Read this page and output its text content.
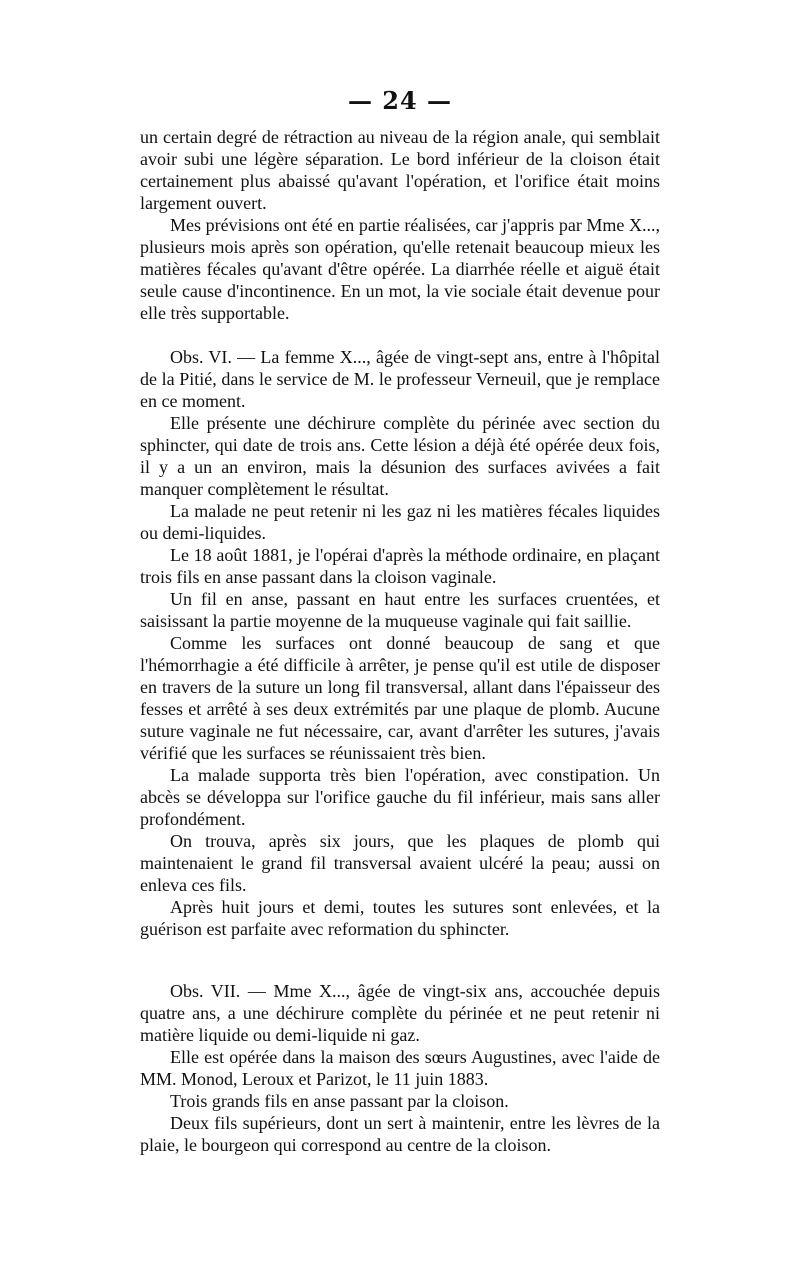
— 24 —

un certain degré de rétraction au niveau de la région anale, qui semblait avoir subi une légère séparation. Le bord inférieur de la cloison était certainement plus abaissé qu'avant l'opération, et l'orifice était moins largement ouvert.

Mes prévisions ont été en partie réalisées, car j'appris par Mme X..., plusieurs mois après son opération, qu'elle retenait beaucoup mieux les matières fécales qu'avant d'être opérée. La diarrhée réelle et aiguë était seule cause d'incontinence. En un mot, la vie sociale était devenue pour elle très supportable.

Obs. VI. — La femme X..., âgée de vingt-sept ans, entre à l'hôpital de la Pitié, dans le service de M. le professeur Verneuil, que je remplace en ce moment.

Elle présente une déchirure complète du périnée avec section du sphincter, qui date de trois ans. Cette lésion a déjà été opérée deux fois, il y a un an environ, mais la désunion des surfaces avivées a fait manquer complètement le résultat.

La malade ne peut retenir ni les gaz ni les matières fécales liquides ou demi-liquides.

Le 18 août 1881, je l'opérai d'après la méthode ordinaire, en plaçant trois fils en anse passant dans la cloison vaginale.

Un fil en anse, passant en haut entre les surfaces cruentées, et saisissant la partie moyenne de la muqueuse vaginale qui fait saillie.

Comme les surfaces ont donné beaucoup de sang et que l'hémorrhagie a été difficile à arrêter, je pense qu'il est utile de disposer en travers de la suture un long fil transversal, allant dans l'épaisseur des fesses et arrêté à ses deux extrémités par une plaque de plomb. Aucune suture vaginale ne fut nécessaire, car, avant d'arrêter les sutures, j'avais vérifié que les surfaces se réunissaient très bien.

La malade supporta très bien l'opération, avec constipation. Un abcès se développa sur l'orifice gauche du fil inférieur, mais sans aller profondément.

On trouva, après six jours, que les plaques de plomb qui maintenaient le grand fil transversal avaient ulcéré la peau; aussi on enleva ces fils.

Après huit jours et demi, toutes les sutures sont enlevées, et la guérison est parfaite avec reformation du sphincter.

Obs. VII. — Mme X..., âgée de vingt-six ans, accouchée depuis quatre ans, a une déchirure complète du périnée et ne peut retenir ni matière liquide ou demi-liquide ni gaz.

Elle est opérée dans la maison des sœurs Augustines, avec l'aide de MM. Monod, Leroux et Parizot, le 11 juin 1883.

Trois grands fils en anse passant par la cloison.

Deux fils supérieurs, dont un sert à maintenir, entre les lèvres de la plaie, le bourgeon qui correspond au centre de la cloison.
